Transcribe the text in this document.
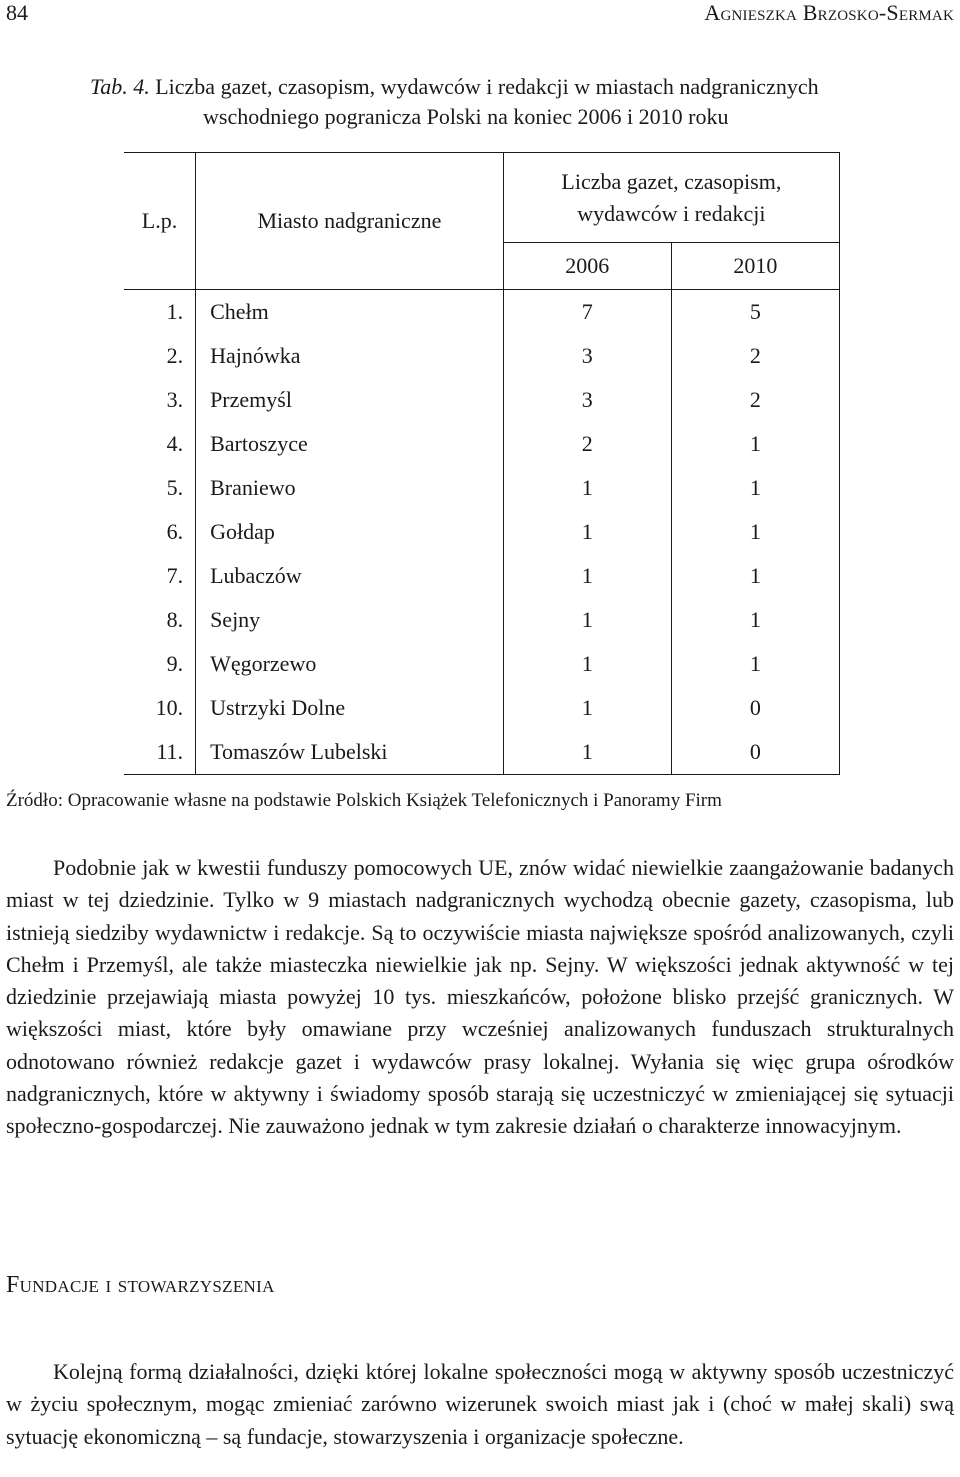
84	Agnieszka Brzosko-Sermak
Tab. 4. Liczba gazet, czasopism, wydawców i redakcji w miastach nadgranicznych
wschodniego pogranicza Polski na koniec 2006 i 2010 roku
L.p.	Miasto nadgraniczne	Liczba gazet, czasopism, wydawców i redakcji	

		2006	2010
1.	Chełm	7	5
2.	Hajnówka	3	2
3.	Przemyśl	3	2
4.	Bartoszyce	2	1
5.	Braniewo	1	1
6.	Gołdap	1	1
7.	Lubaczów	1	1
8.	Sejny	1	1
9.	Węgorzewo	1	1
10.	Ustrzyki Dolne	1	0
11.	Tomaszów Lubelski	1	0
Źródło: Opracowanie własne na podstawie Polskich Książek Telefonicznych i Panoramy Firm
Podobnie jak w kwestii funduszy pomocowych UE, znów widać niewielkie zaangażowanie badanych miast w tej dziedzinie. Tylko w 9 miastach nadgranicznych wychodzą obecnie gazety, czasopisma, lub istnieją siedziby wydawnictw i redakcje. Są to oczywiście miasta największe spośród analizowanych, czyli Chełm i Przemyśl, ale także miasteczka niewielkie jak np. Sejny. W większości jednak aktywność w tej dziedzinie przejawiają miasta powyżej 10 tys. mieszkańców, położone blisko przejść granicznych. W większości miast, które były omawiane przy wcześniej analizowanych funduszach strukturalnych odnotowano również redakcje gazet i wydawców prasy lokalnej. Wyłania się więc grupa ośrodków nadgranicznych, które w aktywny i świadomy sposób starają się uczestniczyć w zmieniającej się sytuacji społeczno-gospodarczej. Nie zauważono jednak w tym zakresie działań o charakterze innowacyjnym.
Fundacje i stowarzyszenia
Kolejną formą działalności, dzięki której lokalne społeczności mogą w aktywny sposób uczestniczyć w życiu społecznym, mogąc zmieniać zarówno wizerunek swoich miast jak i (choć w małej skali) swą sytuację ekonomiczną – są fundacje, stowarzyszenia i organizacje społeczne.
